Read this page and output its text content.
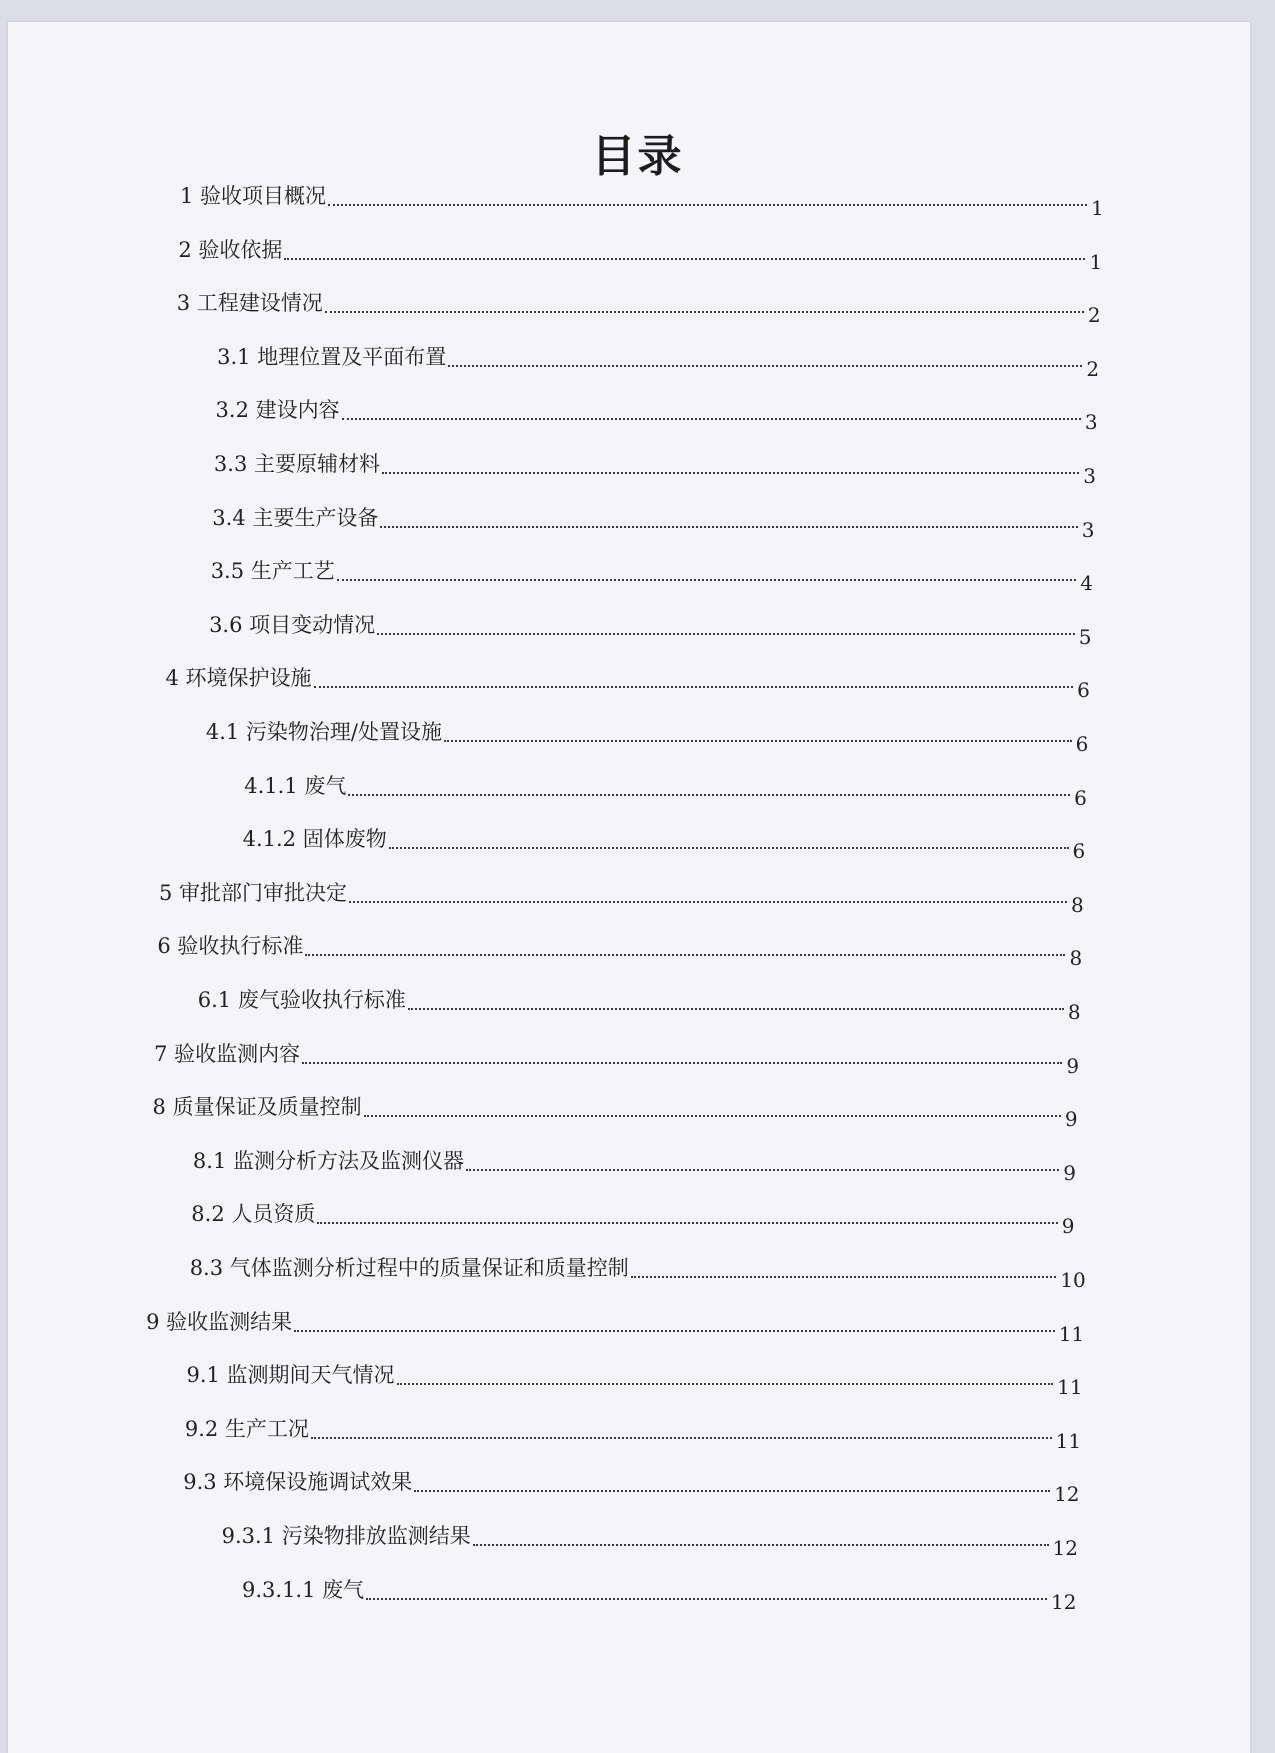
目录
1 验收项目概况	1
2 验收依据	1
3 工程建设情况	2
3.1 地理位置及平面布置	2
3.2 建设内容	3
3.3 主要原辅材料	3
3.4 主要生产设备	3
3.5 生产工艺	4
3.6 项目变动情况	5
4 环境保护设施	6
4.1 污染物治理/处置设施	6
4.1.1 废气	6
4.1.2 固体废物	6
5 审批部门审批决定	8
6 验收执行标准	8
6.1 废气验收执行标准	8
7 验收监测内容	9
8 质量保证及质量控制	9
8.1 监测分析方法及监测仪器	9
8.2 人员资质	9
8.3 气体监测分析过程中的质量保证和质量控制	10
9 验收监测结果	11
9.1 监测期间天气情况	11
9.2 生产工况	11
9.3 环境保设施调试效果	12
9.3.1 污染物排放监测结果	12
9.3.1.1 废气	12
